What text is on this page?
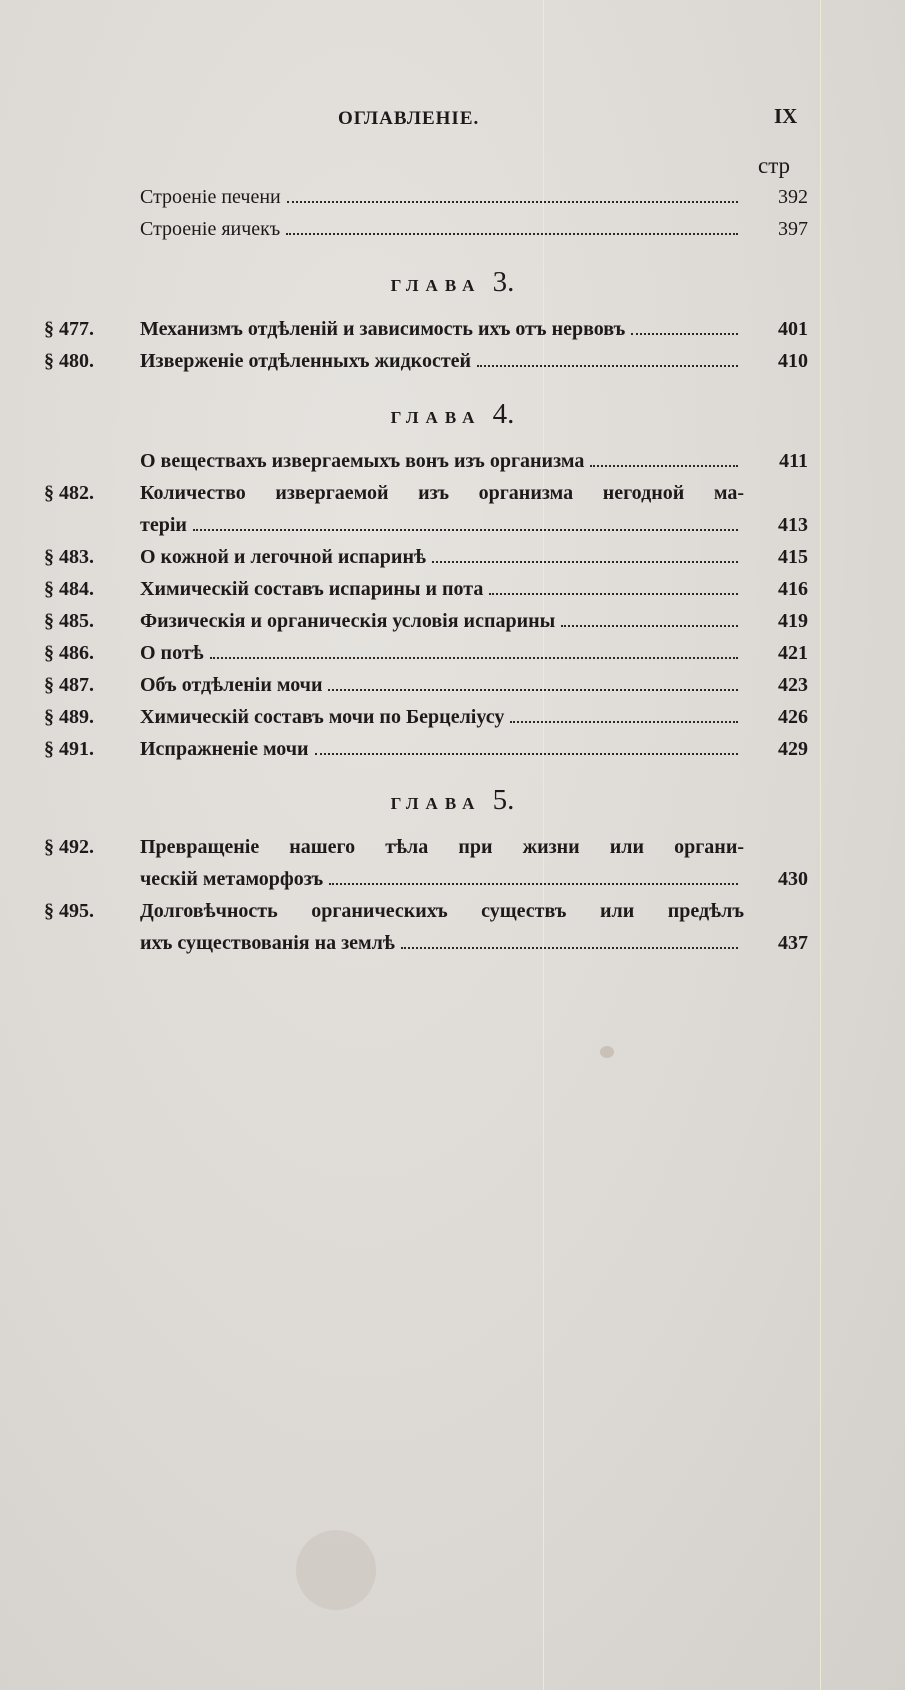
ОГЛАВЛЕНІЕ.	IX
стр
Строеніе печени	392
Строеніе яичекъ	397
ГЛАВА 3.
§ 477. Механизмъ отдѣленій и зависимость ихъ отъ нервовъ	401
§ 480. Изверженіе отдѣленныхъ жидкостей	410
ГЛАВА 4.
О веществахъ извергаемыхъ вонъ изъ организма	411
§ 482. Количество извергаемой изъ организма негодной ма-
теріи	413
§ 483. О кожной и легочной испаринѣ	415
§ 484. Химическій составъ испарины и пота	416
§ 485. Физическія и органическія условія испарины	419
§ 486. О потѣ	421
§ 487. Объ отдѣленіи мочи	423
§ 489. Химическій составъ мочи по Берцеліусу	426
§ 491. Испражненіе мочи	429
ГЛАВА 5.
§ 492. Превращеніе нашего тѣла при жизни или органи-
ческій метаморфозъ	430
§ 495. Долговѣчность органическихъ существъ или предѣлъ
ихъ существованія на землѣ	437
